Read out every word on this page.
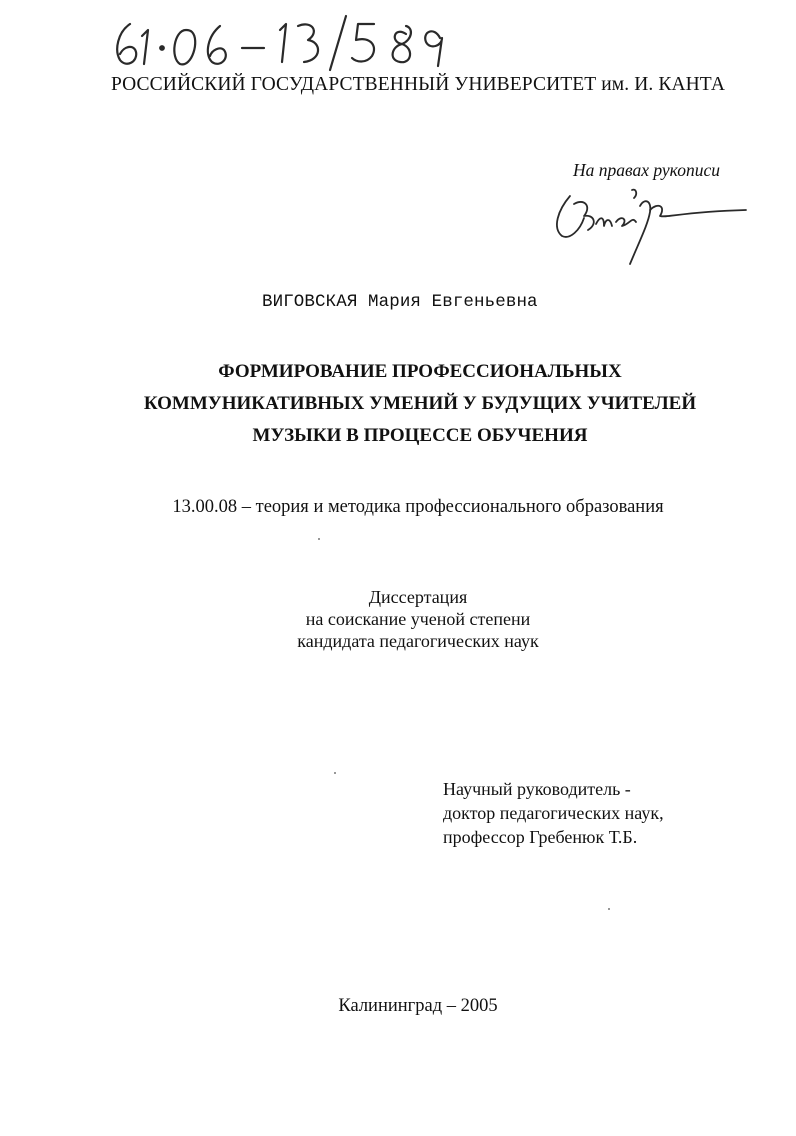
РОССИЙСКИЙ ГОСУДАРСТВЕННЫЙ УНИВЕРСИТЕТ им. И. КАНТА
На правах рукописи
ВИГОВСКАЯ Мария Евгеньевна
ФОРМИРОВАНИЕ ПРОФЕССИОНАЛЬНЫХ
КОММУНИКАТИВНЫХ УМЕНИЙ У БУДУЩИХ УЧИТЕЛЕЙ
МУЗЫКИ В ПРОЦЕССЕ ОБУЧЕНИЯ
13.00.08 – теория и методика профессионального образования
Диссертация
на соискание ученой степени
кандидата педагогических наук
Научный руководитель -
доктор педагогических наук,
профессор Гребенюк Т.Б.
Калининград – 2005
